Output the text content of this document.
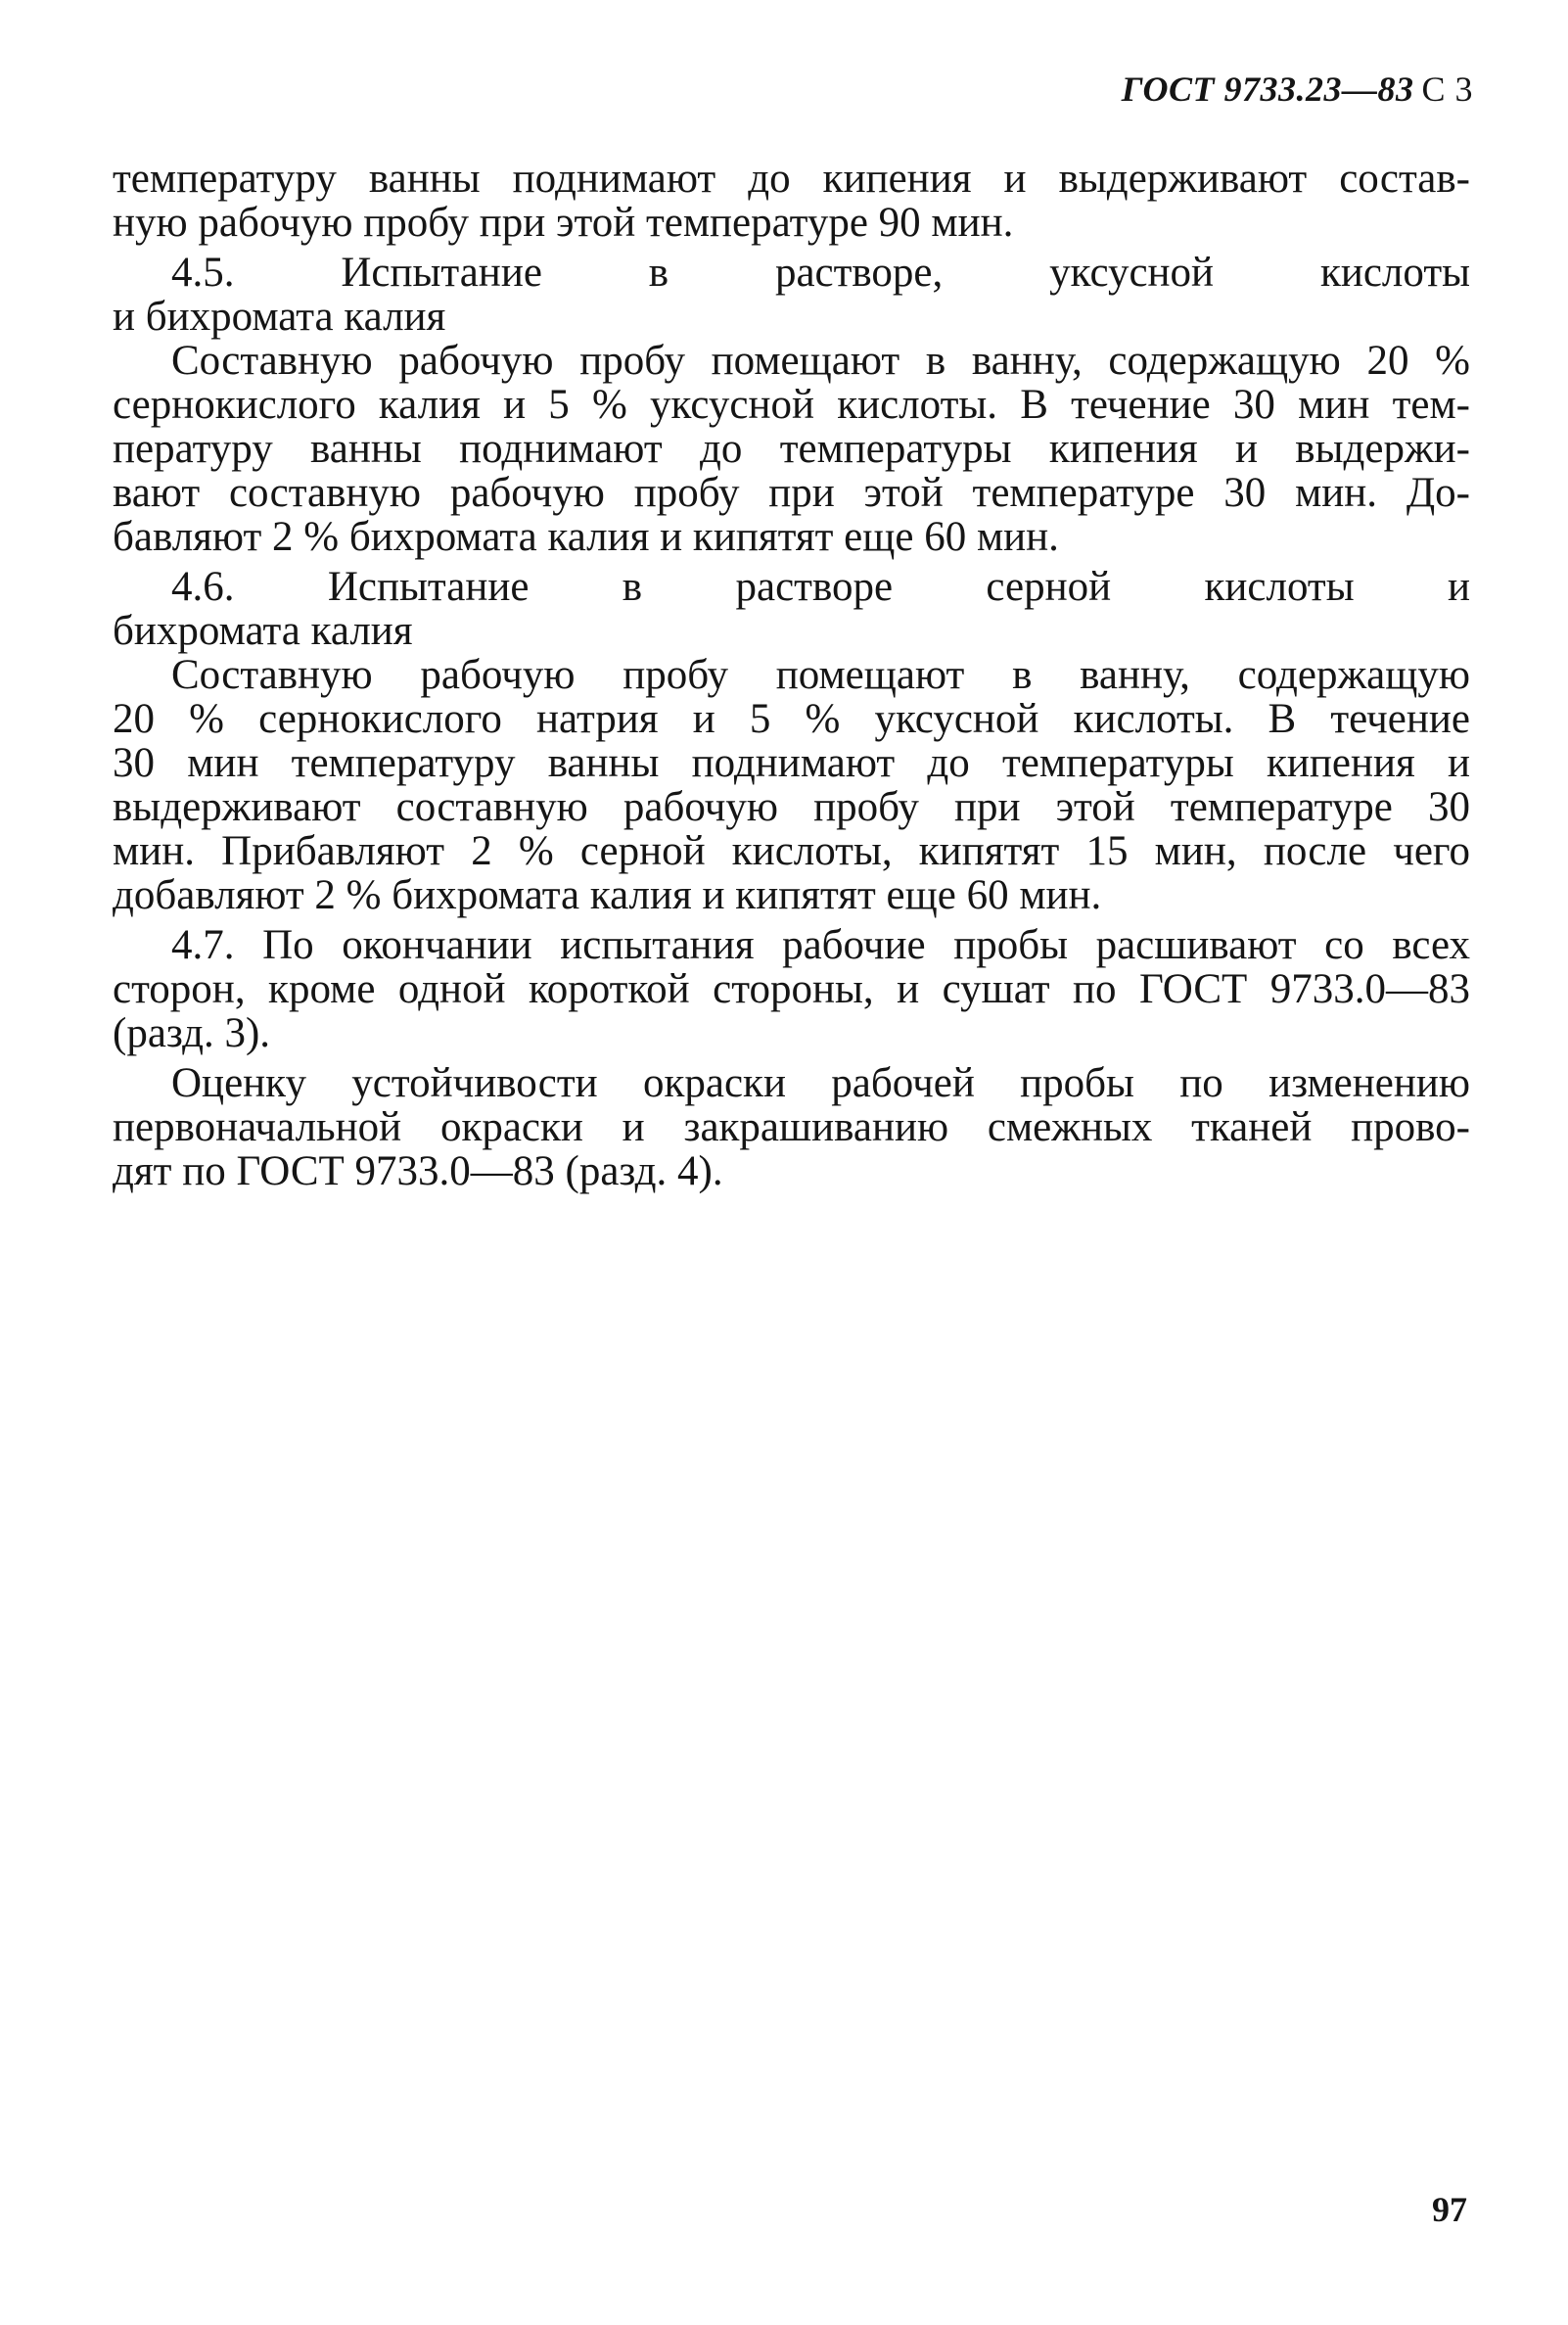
ГОСТ 9733.23—83 С 3
температуру ванны поднимают до кипения и выдерживают состав-
ную рабочую пробу при этой температуре 90 мин.
4.5. Испытание в растворе, уксусной кислоты
и бихромата калия
Составную рабочую пробу помещают в ванну, содержащую 20 %
сернокислого калия и 5 % уксусной кислоты. В течение 30 мин тем-
пературу ванны поднимают до температуры кипения и выдержи-
вают составную рабочую пробу при этой температуре 30 мин. До-
бавляют 2 % бихромата калия и кипятят еще 60 мин.
4.6. Испытание в растворе серной кислоты и
бихромата калия
Составную рабочую пробу помещают в ванну, содержащую
20 % сернокислого натрия и 5 % уксусной кислоты. В течение
30 мин температуру ванны поднимают до температуры кипения и
выдерживают составную рабочую пробу при этой температуре 30
мин. Прибавляют 2 % серной кислоты, кипятят 15 мин, после чего
добавляют 2 % бихромата калия и кипятят еще 60 мин.
4.7. По окончании испытания рабочие пробы расшивают со всех
сторон, кроме одной короткой стороны, и сушат по ГОСТ 9733.0—83
(разд. 3).
Оценку устойчивости окраски рабочей пробы по изменению
первоначальной окраски и закрашиванию смежных тканей прово-
дят по ГОСТ 9733.0—83 (разд. 4).
97
